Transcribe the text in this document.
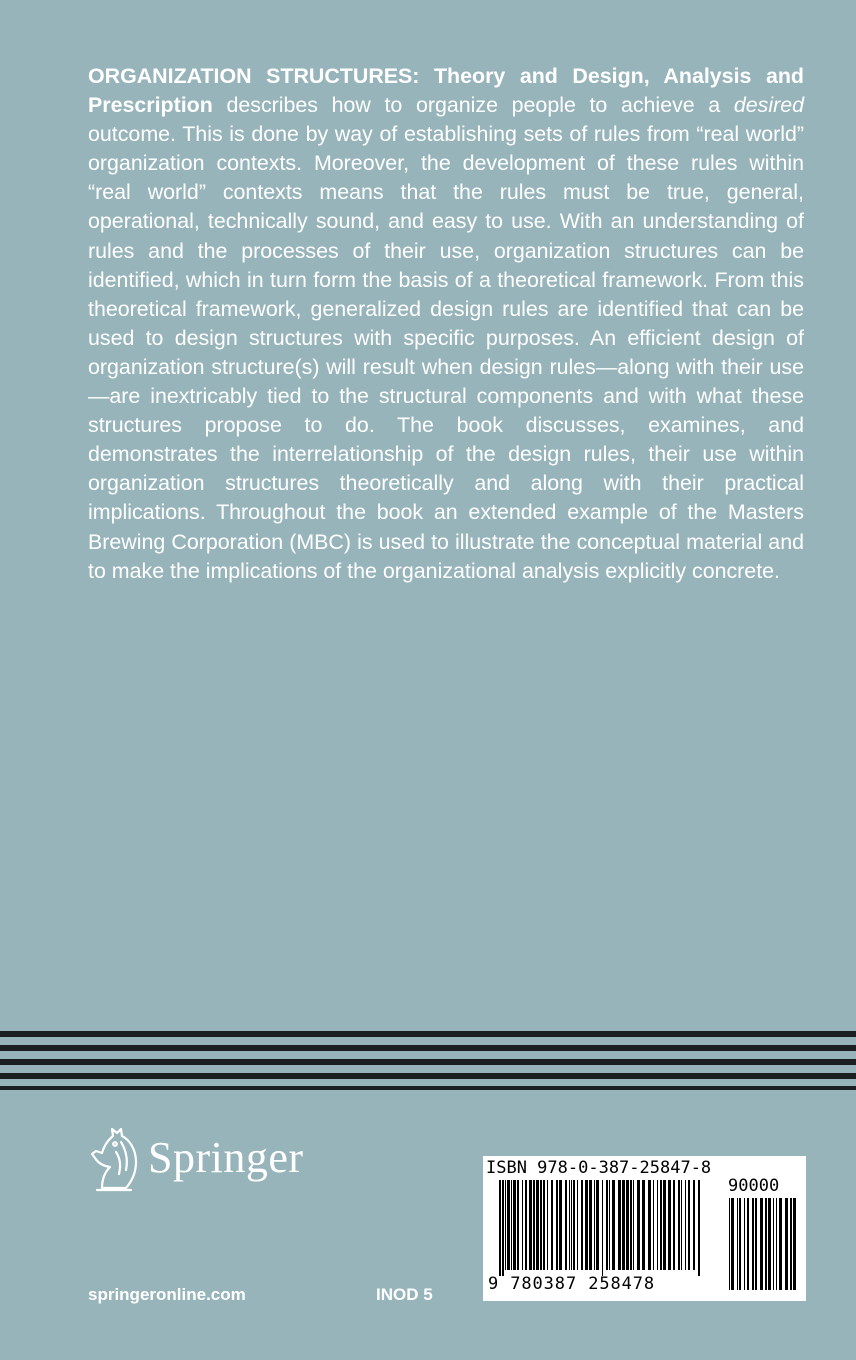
ORGANIZATION STRUCTURES: Theory and Design, Analysis and Prescription describes how to organize people to achieve a desired outcome. This is done by way of establishing sets of rules from “real world” organization contexts. Moreover, the development of these rules within “real world” contexts means that the rules must be true, general, operational, technically sound, and easy to use. With an understanding of rules and the processes of their use, organization structures can be identified, which in turn form the basis of a theoretical framework. From this theoretical framework, generalized design rules are identified that can be used to design structures with specific purposes. An efficient design of organization structure(s) will result when design rules—along with their use—are inextricably tied to the structural components and with what these structures propose to do. The book discusses, examines, and demonstrates the interrelationship of the design rules, their use within organization structures theoretically and along with their practical implications. Throughout the book an extended example of the Masters Brewing Corporation (MBC) is used to illustrate the conceptual material and to make the implications of the organizational analysis explicitly concrete.

Springer
springeronline.com	INOD 5
ISBN 978-0-387-25847-8
90000
9 780387 258478
